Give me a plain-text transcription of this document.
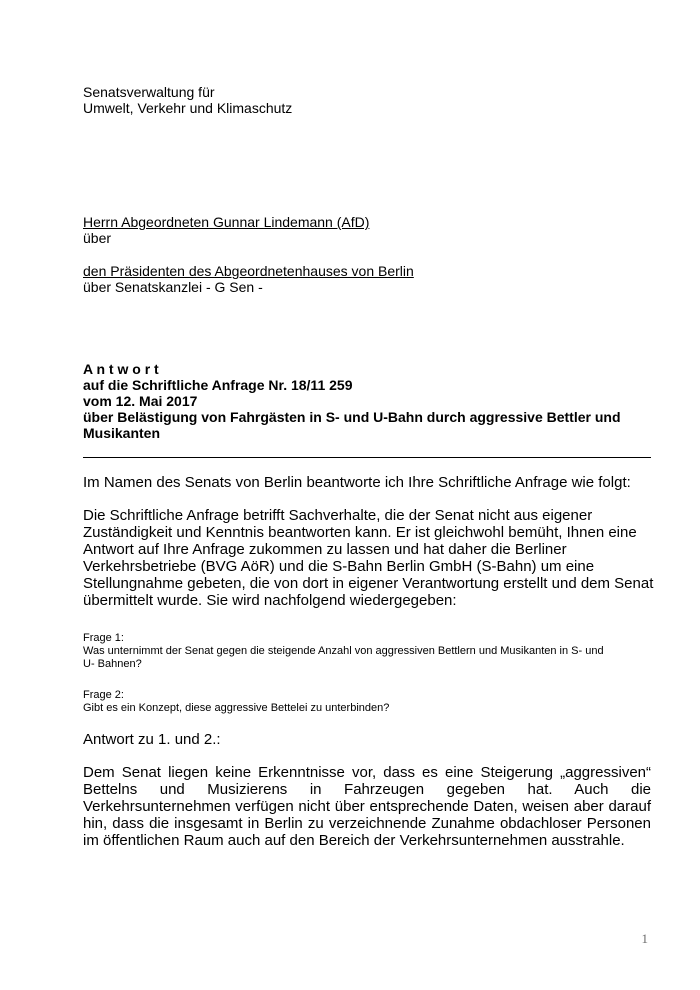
Senatsverwaltung für
Umwelt, Verkehr und Klimaschutz
Herrn Abgeordneten Gunnar Lindemann (AfD)
über
den Präsidenten des Abgeordnetenhauses von Berlin
über Senatskanzlei - G Sen -
A n t w o r t
auf die Schriftliche Anfrage Nr. 18/11 259
vom 12. Mai 2017
über Belästigung von Fahrgästen in S- und U-Bahn durch aggressive Bettler und
Musikanten
Im Namen des Senats von Berlin beantworte ich Ihre Schriftliche Anfrage wie folgt:
Die Schriftliche Anfrage betrifft Sachverhalte, die der Senat nicht aus eigener
Zuständigkeit und Kenntnis beantworten kann. Er ist gleichwohl bemüht, Ihnen eine
Antwort auf Ihre Anfrage zukommen zu lassen und hat daher die Berliner
Verkehrsbetriebe (BVG AöR) und die S-Bahn Berlin GmbH (S-Bahn) um eine
Stellungnahme gebeten, die von dort in eigener Verantwortung erstellt und dem Senat
übermittelt wurde. Sie wird nachfolgend wiedergegeben:
Frage 1:
Was unternimmt der Senat gegen die steigende Anzahl von aggressiven Bettlern und Musikanten in S- und
U- Bahnen?
Frage 2:
Gibt es ein Konzept, diese aggressive Bettelei zu unterbinden?
Antwort zu 1. und 2.:
Dem Senat liegen keine Erkenntnisse vor, dass es eine Steigerung „aggressiven“ Bettelns und Musizierens in Fahrzeugen gegeben hat. Auch die Verkehrsunternehmen verfügen nicht über entsprechende Daten, weisen aber darauf hin, dass die insgesamt in Berlin zu verzeichnende Zunahme obdachloser Personen im öffentlichen Raum auch auf den Bereich der Verkehrsunternehmen ausstrahle.
1
